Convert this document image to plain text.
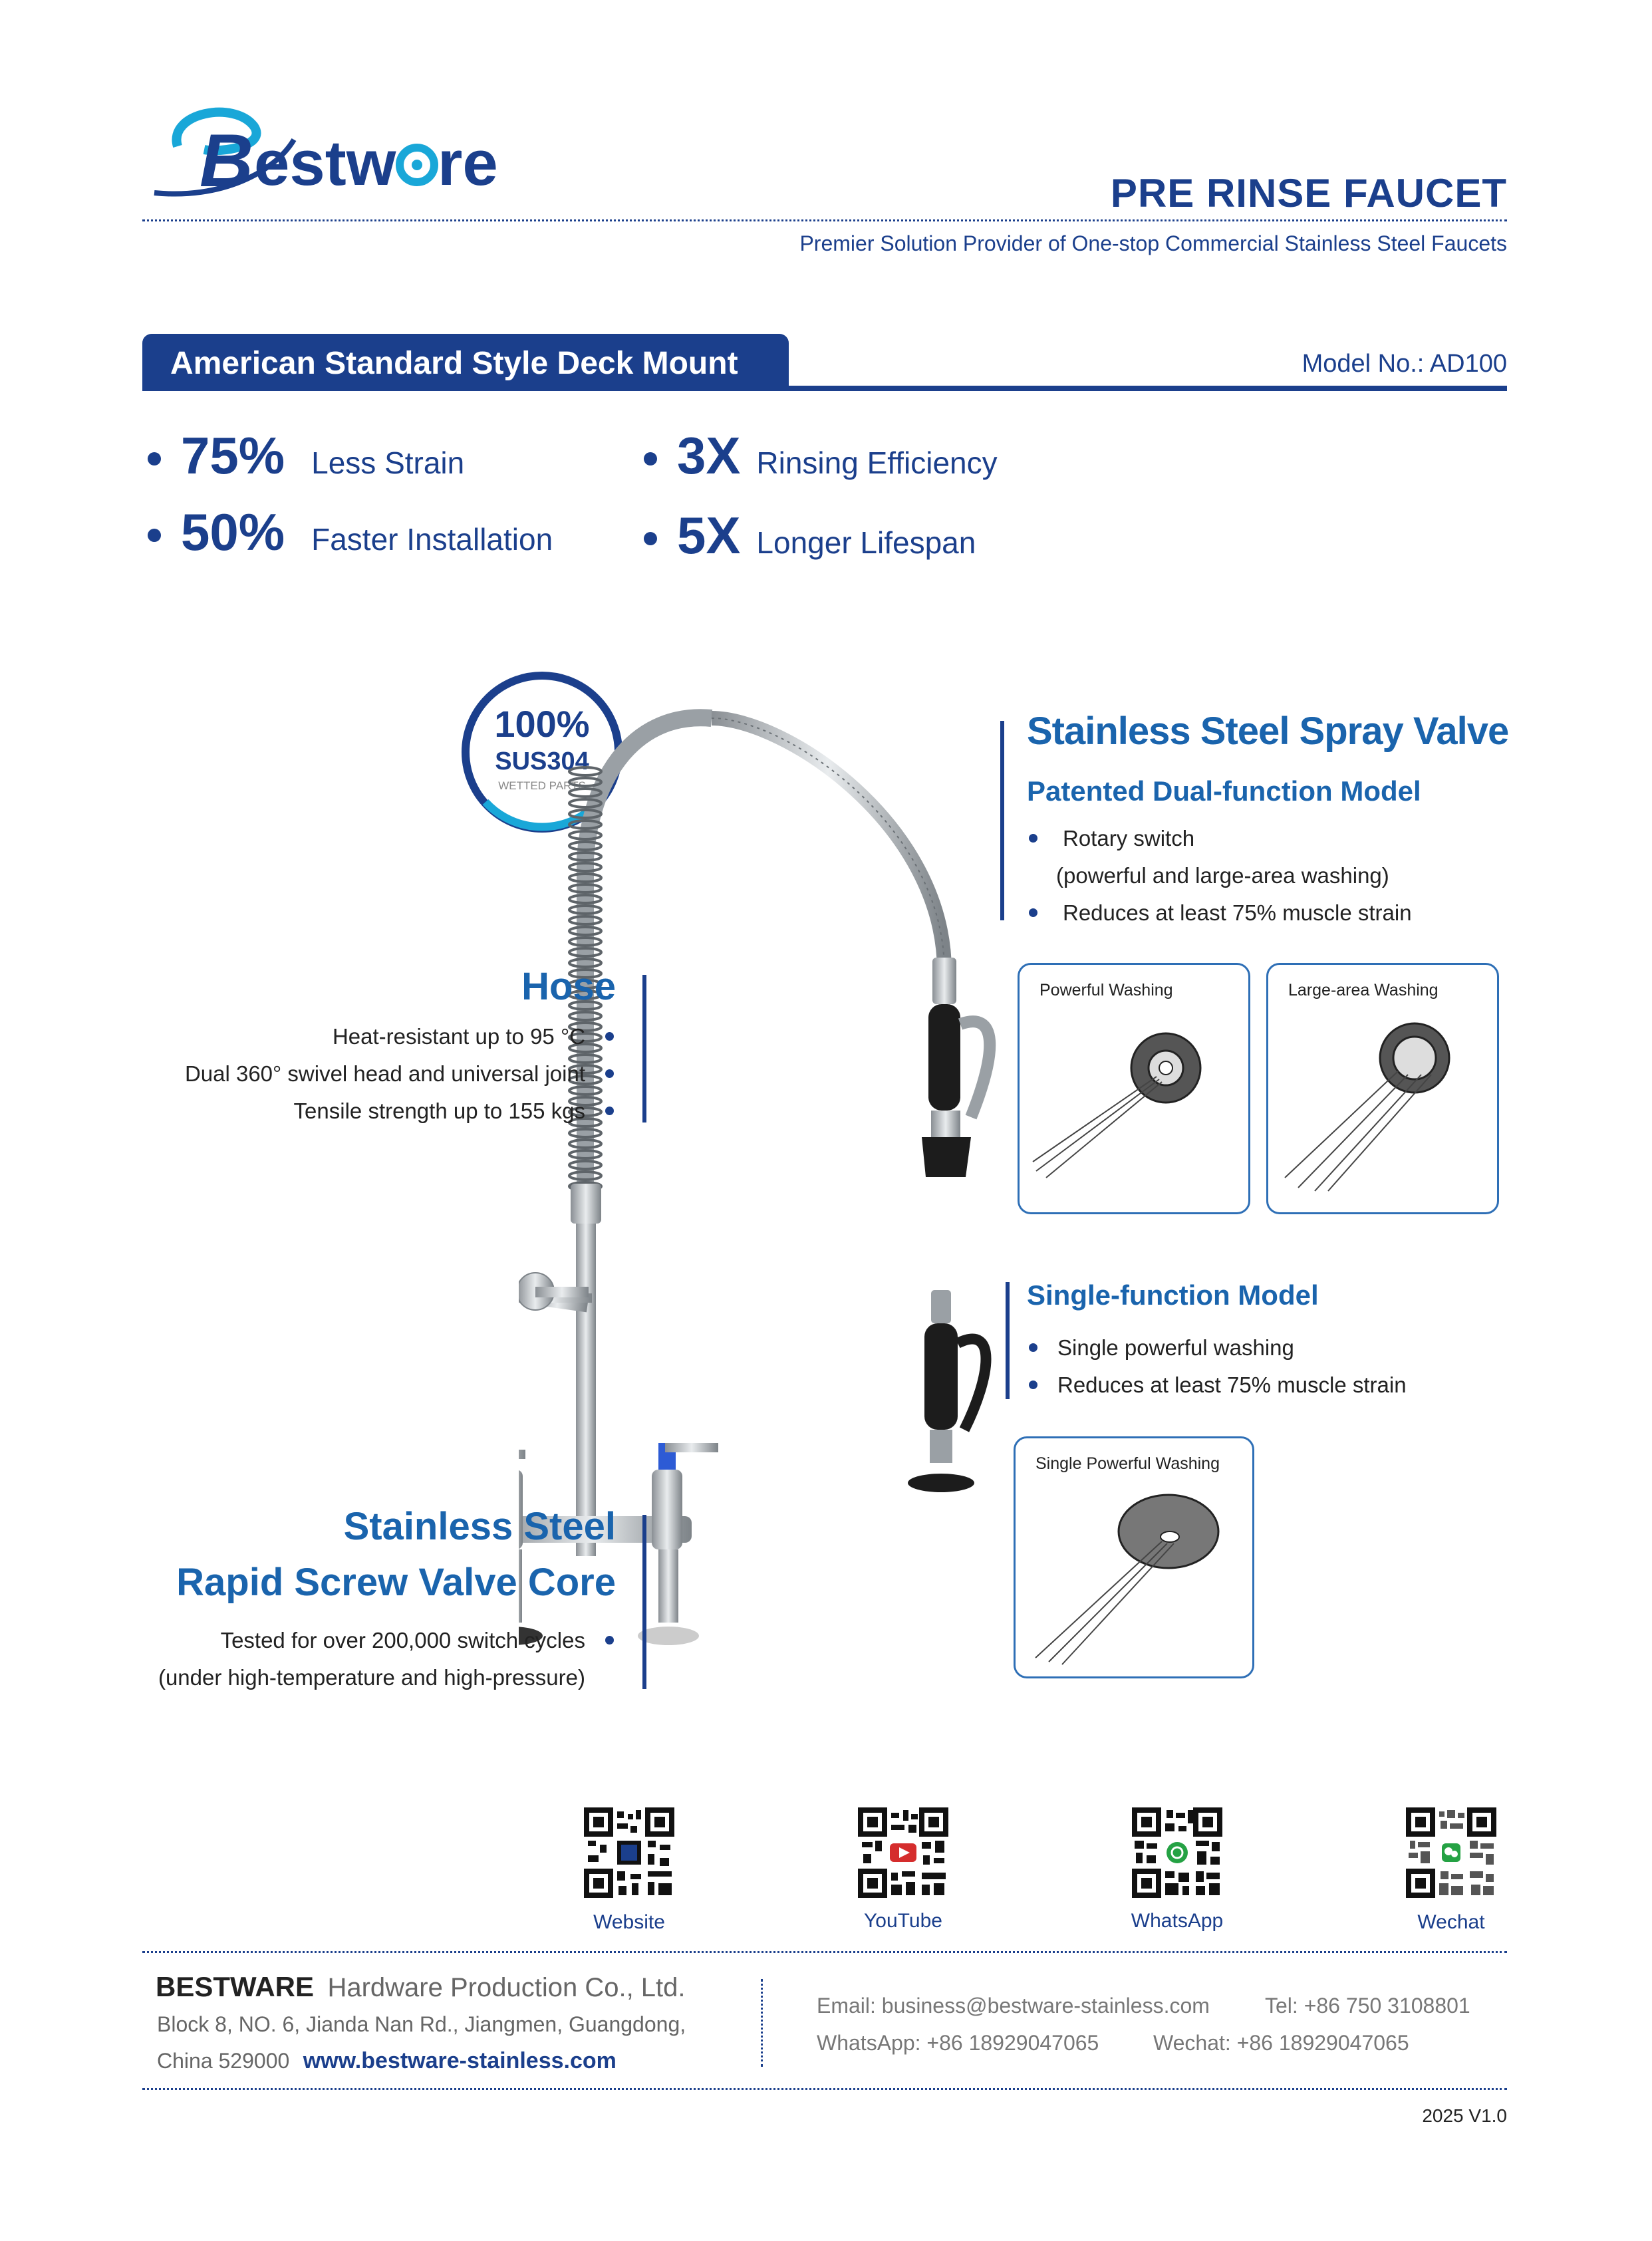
B estw re	PRE RINSE FAUCET
Premier Solution Provider of One-stop Commercial Stainless Steel Faucets
American Standard Style Deck Mount	Model No.: AD100
75% Less Strain
50% Faster Installation
3X Rinsing Efficiency
5X Longer Lifespan
100%
SUS304
WETTED PARTS
Stainless Steel Spray Valve
Patented Dual-function Model
Rotary switch
(powerful and large-area washing)
Reduces at least 75% muscle strain
Powerful Washing	Large-area Washing
Hose
Heat-resistant up to 95 °C
Dual 360° swivel head and universal joint
Tensile strength up to 155 kgs
Single-function Model
Single powerful washing
Reduces at least 75% muscle strain
Single Powerful Washing
Stainless Steel
Rapid Screw Valve Core
Tested for over 200,000 switch cycles
(under high-temperature and high-pressure)
Website	YouTube	WhatsApp	Wechat
BESTWARE Hardware Production Co., Ltd.
Block 8, NO. 6, Jianda Nan Rd., Jiangmen, Guangdong,
China 529000 www.bestware-stainless.com
Email: business@bestware-stainless.com	Tel: +86 750 3108801
WhatsApp: +86 18929047065	Wechat: +86 18929047065
2025 V1.0
